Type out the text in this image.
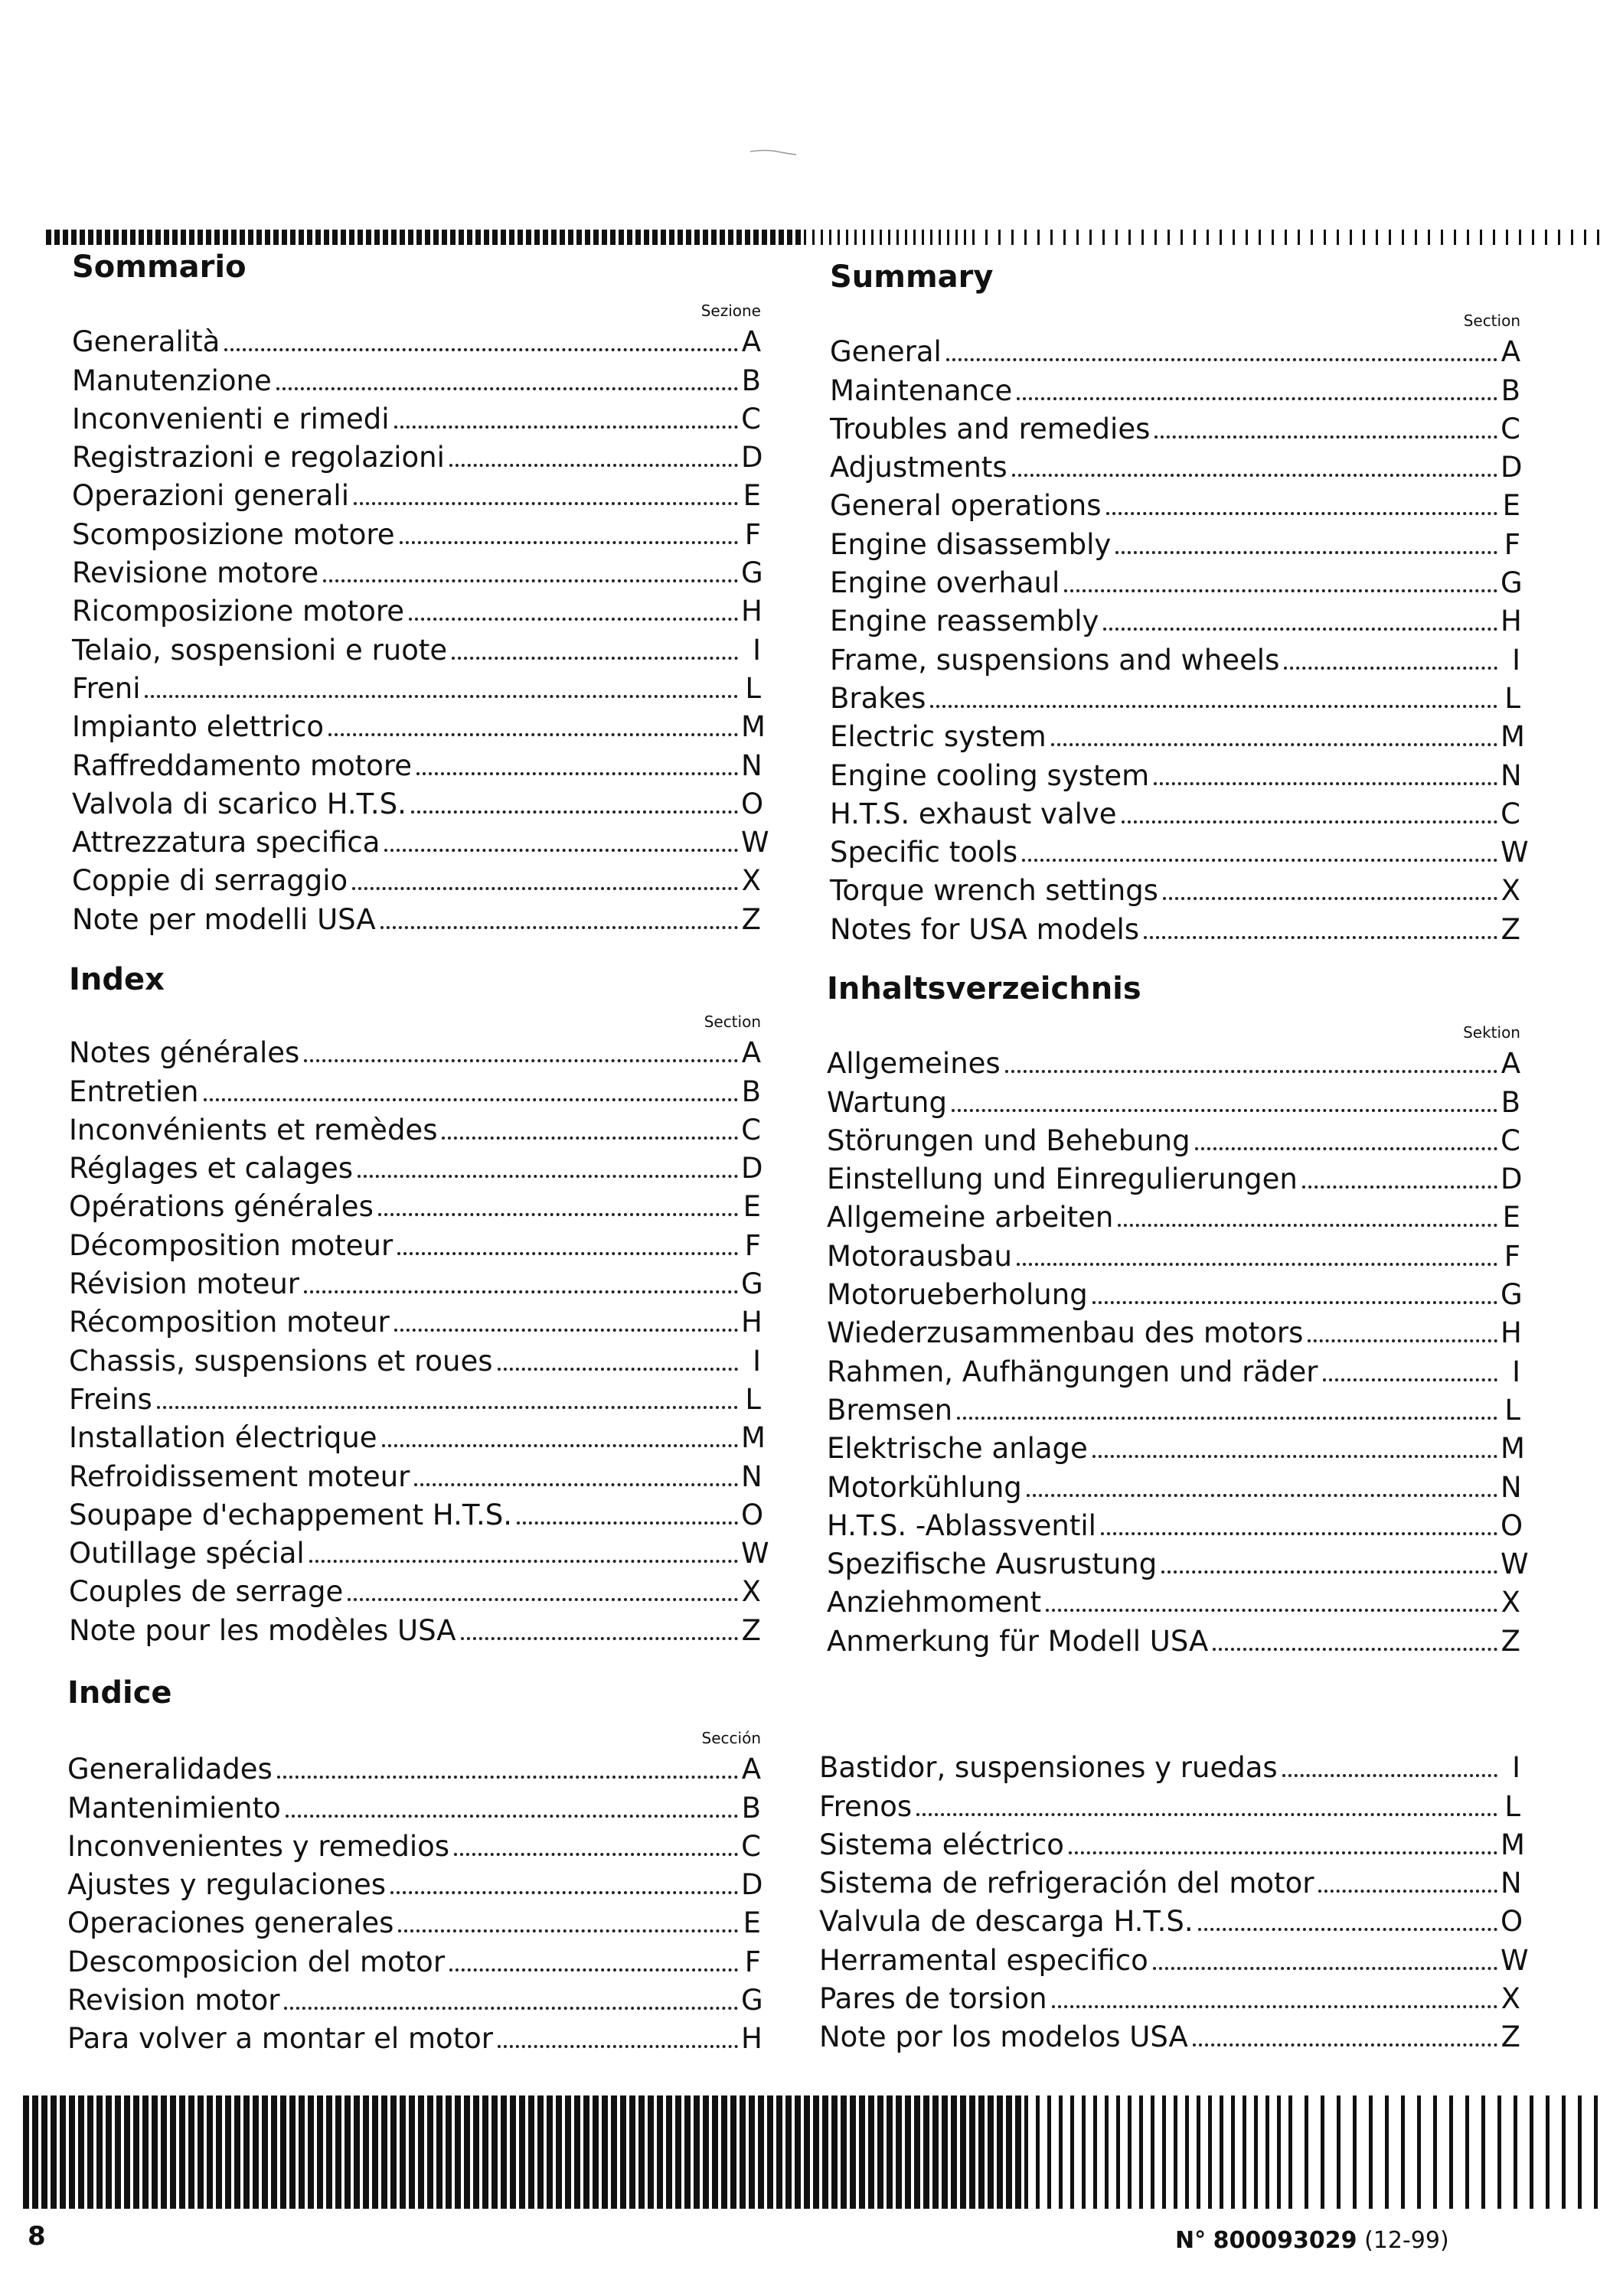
Sommario
Sezione
Generalità	A
Manutenzione	B
Inconvenienti e rimedi	C
Registrazioni e regolazioni	D
Operazioni generali	E
Scomposizione motore	F
Revisione motore	G
Ricomposizione motore	H
Telaio, sospensioni e ruote	I
Freni	L
Impianto elettrico	M
Raffreddamento motore	N
Valvola di scarico H.T.S.	O
Attrezzatura specifica	W
Coppie di serraggio	X
Note per modelli USA	Z
Summary
Section
General	A
Maintenance	B
Troubles and remedies	C
Adjustments	D
General operations	E
Engine disassembly	F
Engine overhaul	G
Engine reassembly	H
Frame, suspensions and wheels	I
Brakes	L
Electric system	M
Engine cooling system	N
H.T.S. exhaust valve	C
Specific tools	W
Torque wrench settings	X
Notes for USA models	Z
Index
Section
Notes générales	A
Entretien	B
Inconvénients et remèdes	C
Réglages et calages	D
Opérations générales	E
Décomposition moteur	F
Révision moteur	G
Récomposition moteur	H
Chassis, suspensions et roues	I
Freins	L
Installation électrique	M
Refroidissement moteur	N
Soupape d'echappement H.T.S.	O
Outillage spécial	W
Couples de serrage	X
Note pour les modèles USA	Z
Inhaltsverzeichnis
Sektion
Allgemeines	A
Wartung	B
Störungen und Behebung	C
Einstellung und Einregulierungen	D
Allgemeine arbeiten	E
Motorausbau	F
Motorueberholung	G
Wiederzusammenbau des motors	H
Rahmen, Aufhängungen und räder	I
Bremsen	L
Elektrische anlage	M
Motorkühlung	N
H.T.S. -Ablassventil	O
Spezifische Ausrustung	W
Anziehmoment	X
Anmerkung für Modell USA	Z
Indice
Sección
Generalidades	A
Mantenimiento	B
Inconvenientes y remedios	C
Ajustes y regulaciones	D
Operaciones generales	E
Descomposicion del motor	F
Revision motor	G
Para volver a montar el motor	H
Bastidor, suspensiones y ruedas	I
Frenos	L
Sistema eléctrico	M
Sistema de refrigeración del motor	N
Valvula de descarga H.T.S.	O
Herramental especifico	W
Pares de torsion	X
Note por los modelos USA	Z
8	N° 800093029 (12-99)
